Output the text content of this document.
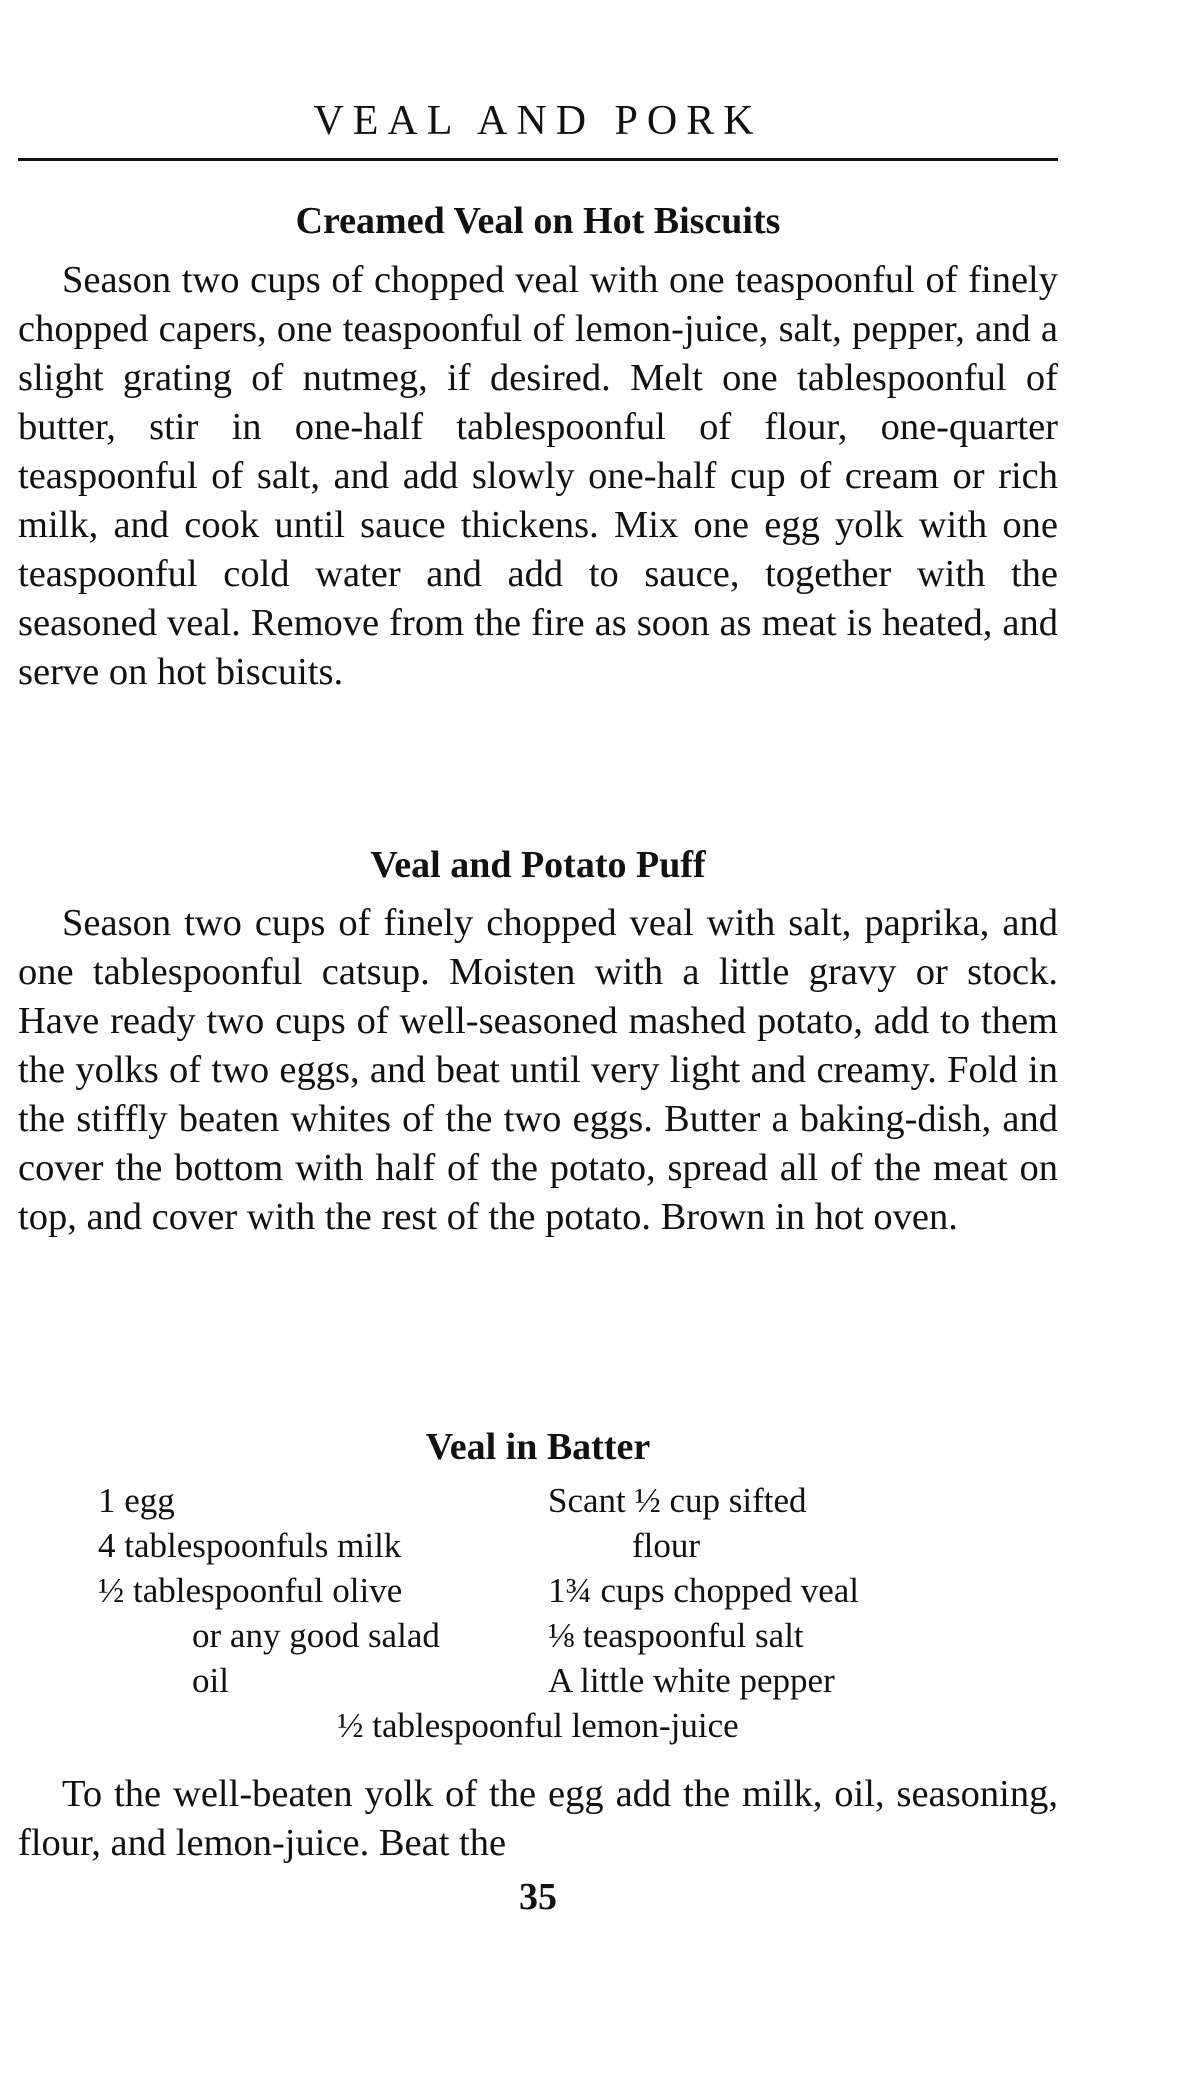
VEAL AND PORK
Creamed Veal on Hot Biscuits
Season two cups of chopped veal with one teaspoonful of finely chopped capers, one teaspoonful of lemon-juice, salt, pepper, and a slight grating of nutmeg, if desired. Melt one tablespoonful of butter, stir in one-half tablespoonful of flour, one-quarter teaspoonful of salt, and add slowly one-half cup of cream or rich milk, and cook until sauce thickens. Mix one egg yolk with one teaspoonful cold water and add to sauce, together with the seasoned veal. Remove from the fire as soon as meat is heated, and serve on hot biscuits.
Veal and Potato Puff
Season two cups of finely chopped veal with salt, paprika, and one tablespoonful catsup. Moisten with a little gravy or stock. Have ready two cups of well-seasoned mashed potato, add to them the yolks of two eggs, and beat until very light and creamy. Fold in the stiffly beaten whites of the two eggs. Butter a baking-dish, and cover the bottom with half of the potato, spread all of the meat on top, and cover with the rest of the potato. Brown in hot oven.
Veal in Batter
1 egg
4 tablespoonfuls milk
½ tablespoonful olive
or any good salad
oil
Scant ½ cup sifted
flour
1¾ cups chopped veal
⅛ teaspoonful salt
A little white pepper
½ tablespoonful lemon-juice
To the well-beaten yolk of the egg add the milk, oil, seasoning, flour, and lemon-juice. Beat the
35
